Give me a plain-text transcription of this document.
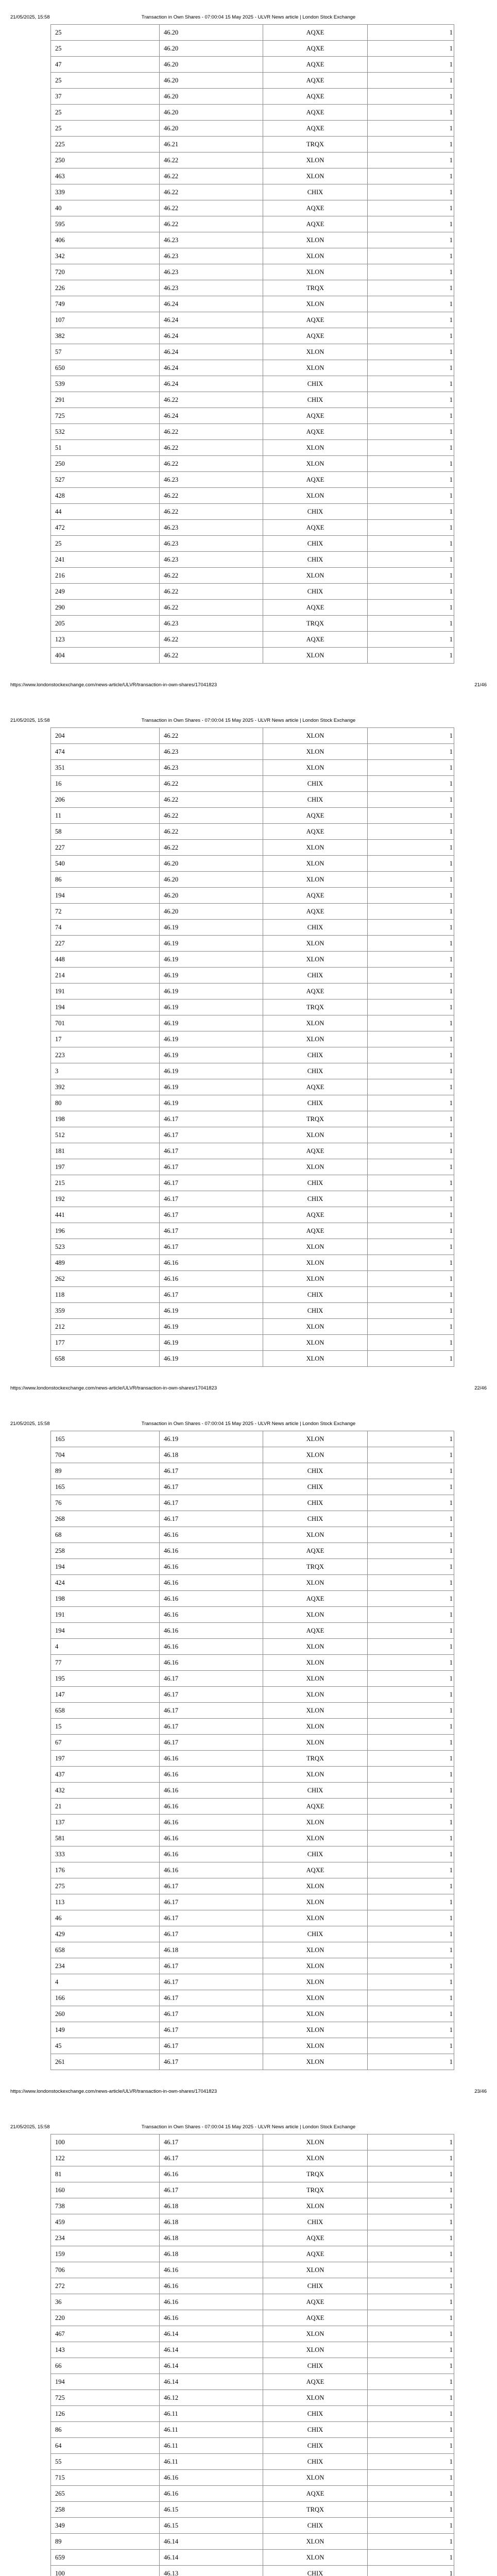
21/05/2025, 15:58	Transaction in Own Shares - 07:00:04 15 May 2025 - ULVR News article | London Stock Exchange
25	46.20	AQXE	1
25	46.20	AQXE	1
47	46.20	AQXE	1
25	46.20	AQXE	1
37	46.20	AQXE	1
25	46.20	AQXE	1
25	46.20	AQXE	1
225	46.21	TRQX	1
250	46.22	XLON	1
463	46.22	XLON	1
339	46.22	CHIX	1
40	46.22	AQXE	1
595	46.22	AQXE	1
406	46.23	XLON	1
342	46.23	XLON	1
720	46.23	XLON	1
226	46.23	TRQX	1
749	46.24	XLON	1
107	46.24	AQXE	1
382	46.24	AQXE	1
57	46.24	XLON	1
650	46.24	XLON	1
539	46.24	CHIX	1
291	46.22	CHIX	1
725	46.24	AQXE	1
532	46.22	AQXE	1
51	46.22	XLON	1
250	46.22	XLON	1
527	46.23	AQXE	1
428	46.22	XLON	1
44	46.22	CHIX	1
472	46.23	AQXE	1
25	46.23	CHIX	1
241	46.23	CHIX	1
216	46.22	XLON	1
249	46.22	CHIX	1
290	46.22	AQXE	1
205	46.23	TRQX	1
123	46.22	AQXE	1
404	46.22	XLON	1
https://www.londonstockexchange.com/news-article/ULVR/transaction-in-own-shares/17041823	21/46
21/05/2025, 15:58	Transaction in Own Shares - 07:00:04 15 May 2025 - ULVR News article | London Stock Exchange
204	46.22	XLON	1
474	46.23	XLON	1
351	46.23	XLON	1
16	46.22	CHIX	1
206	46.22	CHIX	1
11	46.22	AQXE	1
58	46.22	AQXE	1
227	46.22	XLON	1
540	46.20	XLON	1
86	46.20	XLON	1
194	46.20	AQXE	1
72	46.20	AQXE	1
74	46.19	CHIX	1
227	46.19	XLON	1
448	46.19	XLON	1
214	46.19	CHIX	1
191	46.19	AQXE	1
194	46.19	TRQX	1
701	46.19	XLON	1
17	46.19	XLON	1
223	46.19	CHIX	1
3	46.19	CHIX	1
392	46.19	AQXE	1
80	46.19	CHIX	1
198	46.17	TRQX	1
512	46.17	XLON	1
181	46.17	AQXE	1
197	46.17	XLON	1
215	46.17	CHIX	1
192	46.17	CHIX	1
441	46.17	AQXE	1
196	46.17	AQXE	1
523	46.17	XLON	1
489	46.16	XLON	1
262	46.16	XLON	1
118	46.17	CHIX	1
359	46.19	CHIX	1
212	46.19	XLON	1
177	46.19	XLON	1
658	46.19	XLON	1
https://www.londonstockexchange.com/news-article/ULVR/transaction-in-own-shares/17041823	22/46
21/05/2025, 15:58	Transaction in Own Shares - 07:00:04 15 May 2025 - ULVR News article | London Stock Exchange
165	46.19	XLON	1
704	46.18	XLON	1
89	46.17	CHIX	1
165	46.17	CHIX	1
76	46.17	CHIX	1
268	46.17	CHIX	1
68	46.16	XLON	1
258	46.16	AQXE	1
194	46.16	TRQX	1
424	46.16	XLON	1
198	46.16	AQXE	1
191	46.16	XLON	1
194	46.16	AQXE	1
4	46.16	XLON	1
77	46.16	XLON	1
195	46.17	XLON	1
147	46.17	XLON	1
658	46.17	XLON	1
15	46.17	XLON	1
67	46.17	XLON	1
197	46.16	TRQX	1
437	46.16	XLON	1
432	46.16	CHIX	1
21	46.16	AQXE	1
137	46.16	XLON	1
581	46.16	XLON	1
333	46.16	CHIX	1
176	46.16	AQXE	1
275	46.17	XLON	1
113	46.17	XLON	1
46	46.17	XLON	1
429	46.17	CHIX	1
658	46.18	XLON	1
234	46.17	XLON	1
4	46.17	XLON	1
166	46.17	XLON	1
260	46.17	XLON	1
149	46.17	XLON	1
45	46.17	XLON	1
261	46.17	XLON	1
https://www.londonstockexchange.com/news-article/ULVR/transaction-in-own-shares/17041823	23/46
21/05/2025, 15:58	Transaction in Own Shares - 07:00:04 15 May 2025 - ULVR News article | London Stock Exchange
100	46.17	XLON	1
122	46.17	XLON	1
81	46.16	TRQX	1
160	46.17	TRQX	1
738	46.18	XLON	1
459	46.18	CHIX	1
234	46.18	AQXE	1
159	46.18	AQXE	1
706	46.16	XLON	1
272	46.16	CHIX	1
36	46.16	AQXE	1
220	46.16	AQXE	1
467	46.14	XLON	1
143	46.14	XLON	1
66	46.14	CHIX	1
194	46.14	AQXE	1
725	46.12	XLON	1
126	46.11	CHIX	1
86	46.11	CHIX	1
64	46.11	CHIX	1
55	46.11	CHIX	1
715	46.16	XLON	1
265	46.16	AQXE	1
258	46.15	TRQX	1
349	46.15	CHIX	1
89	46.14	XLON	1
659	46.14	XLON	1
100	46.13	CHIX	1
